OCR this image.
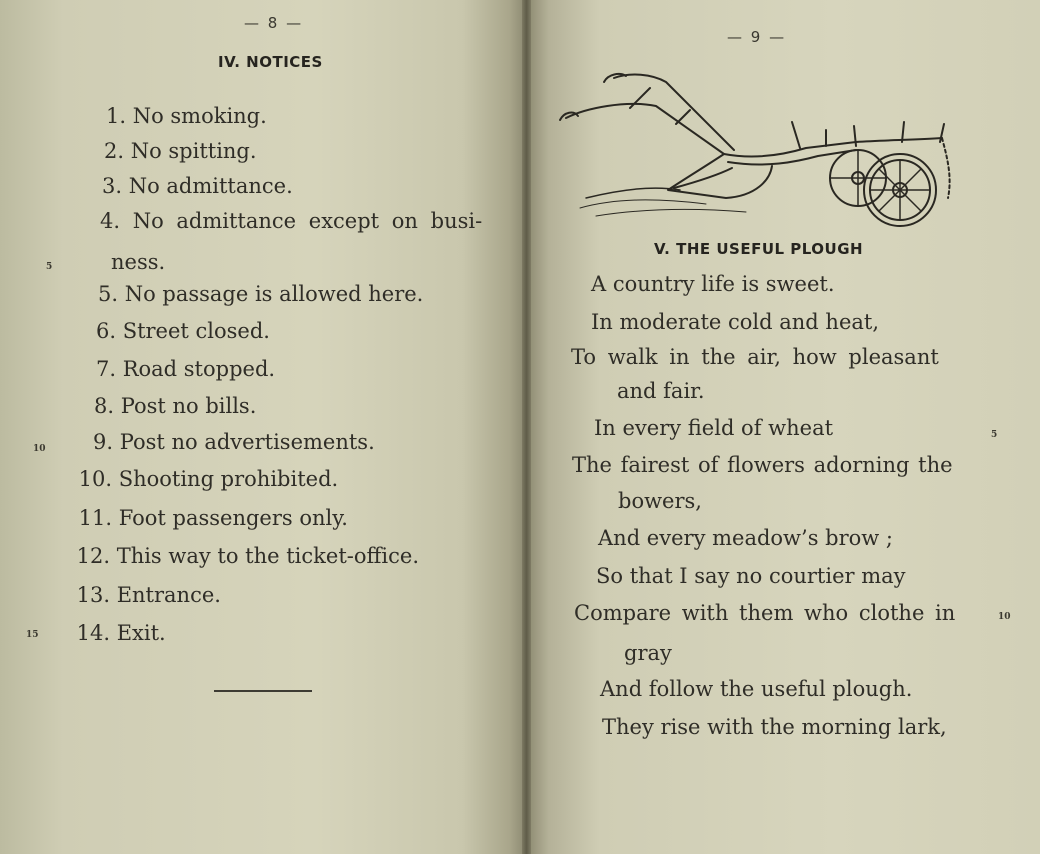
— 8 —
IV. NOTICES
1. No smoking.
2. No spitting.
3. No admittance.
4. No admittance except on busi-
ness.
5. No passage is allowed here.
6. Street closed.
7. Road stopped.
8. Post no bills.
9. Post no advertisements.
10. Shooting prohibited.
11. Foot passengers only.
12. This way to the ticket-office.
13. Entrance.
14. Exit.
5
10
15
— 9 —
V. THE USEFUL PLOUGH
A country life is sweet.
In moderate cold and heat,
To walk in the air, how pleasant
and fair.
In every field of wheat
The fairest of flowers adorning the
bowers,
And every meadow’s brow ;
So that I say no courtier may
Compare with them who clothe in
gray
And follow the useful plough.
They rise with the morning lark,
5
10
